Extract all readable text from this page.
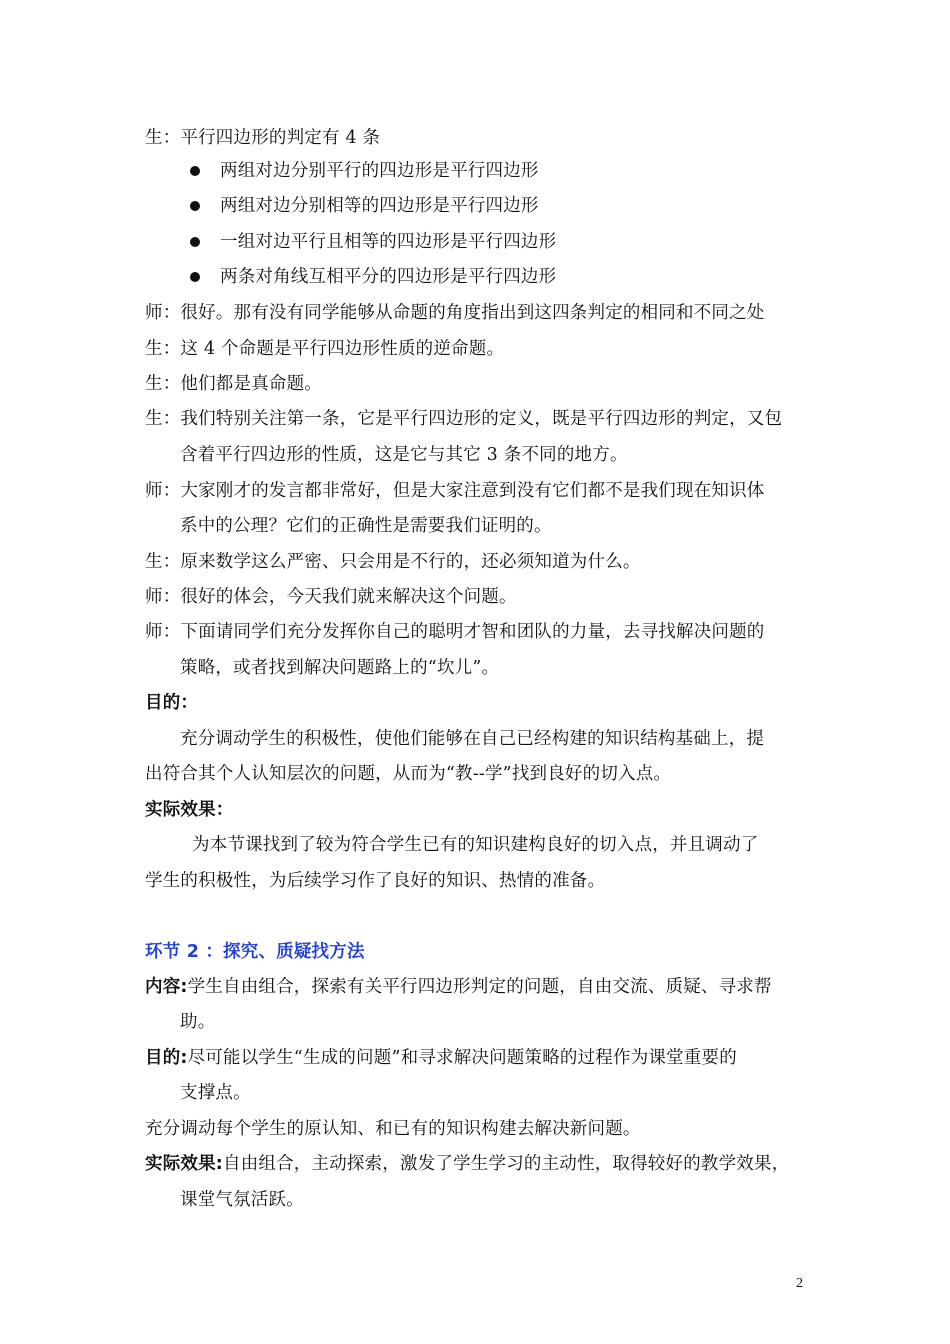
生：平行四边形的判定有 4 条
两组对边分别平行的四边形是平行四边形
两组对边分别相等的四边形是平行四边形
一组对边平行且相等的四边形是平行四边形
两条对角线互相平分的四边形是平行四边形
师：很好。那有没有同学能够从命题的角度指出到这四条判定的相同和不同之处
生：这 4 个命题是平行四边形性质的逆命题。
生：他们都是真命题。
生：我们特别关注第一条，它是平行四边形的定义，既是平行四边形的判定，又包
含着平行四边形的性质，这是它与其它 3 条不同的地方。
师：大家刚才的发言都非常好，但是大家注意到没有它们都不是我们现在知识体
系中的公理？它们的正确性是需要我们证明的。
生：原来数学这么严密、只会用是不行的，还必须知道为什么。
师：很好的体会，今天我们就来解决这个问题。
师：下面请同学们充分发挥你自己的聪明才智和团队的力量，去寻找解决问题的
策略，或者找到解决问题路上的“坎儿”。
目的：
充分调动学生的积极性，使他们能够在自己已经构建的知识结构基础上，提
出符合其个人认知层次的问题，从而为“教--学”找到良好的切入点。
实际效果：
为本节课找到了较为符合学生已有的知识建构良好的切入点，并且调动了
学生的积极性，为后续学习作了良好的知识、热情的准备。
环节 2 ：探究、质疑找方法
内容:学生自由组合，探索有关平行四边形判定的问题，自由交流、质疑、寻求帮
助。
目的:尽可能以学生“生成的问题”和寻求解决问题策略的过程作为课堂重要的
支撑点。
充分调动每个学生的原认知、和已有的知识构建去解决新问题。
实际效果:自由组合，主动探索，激发了学生学习的主动性，取得较好的教学效果，
课堂气氛活跃。
2
